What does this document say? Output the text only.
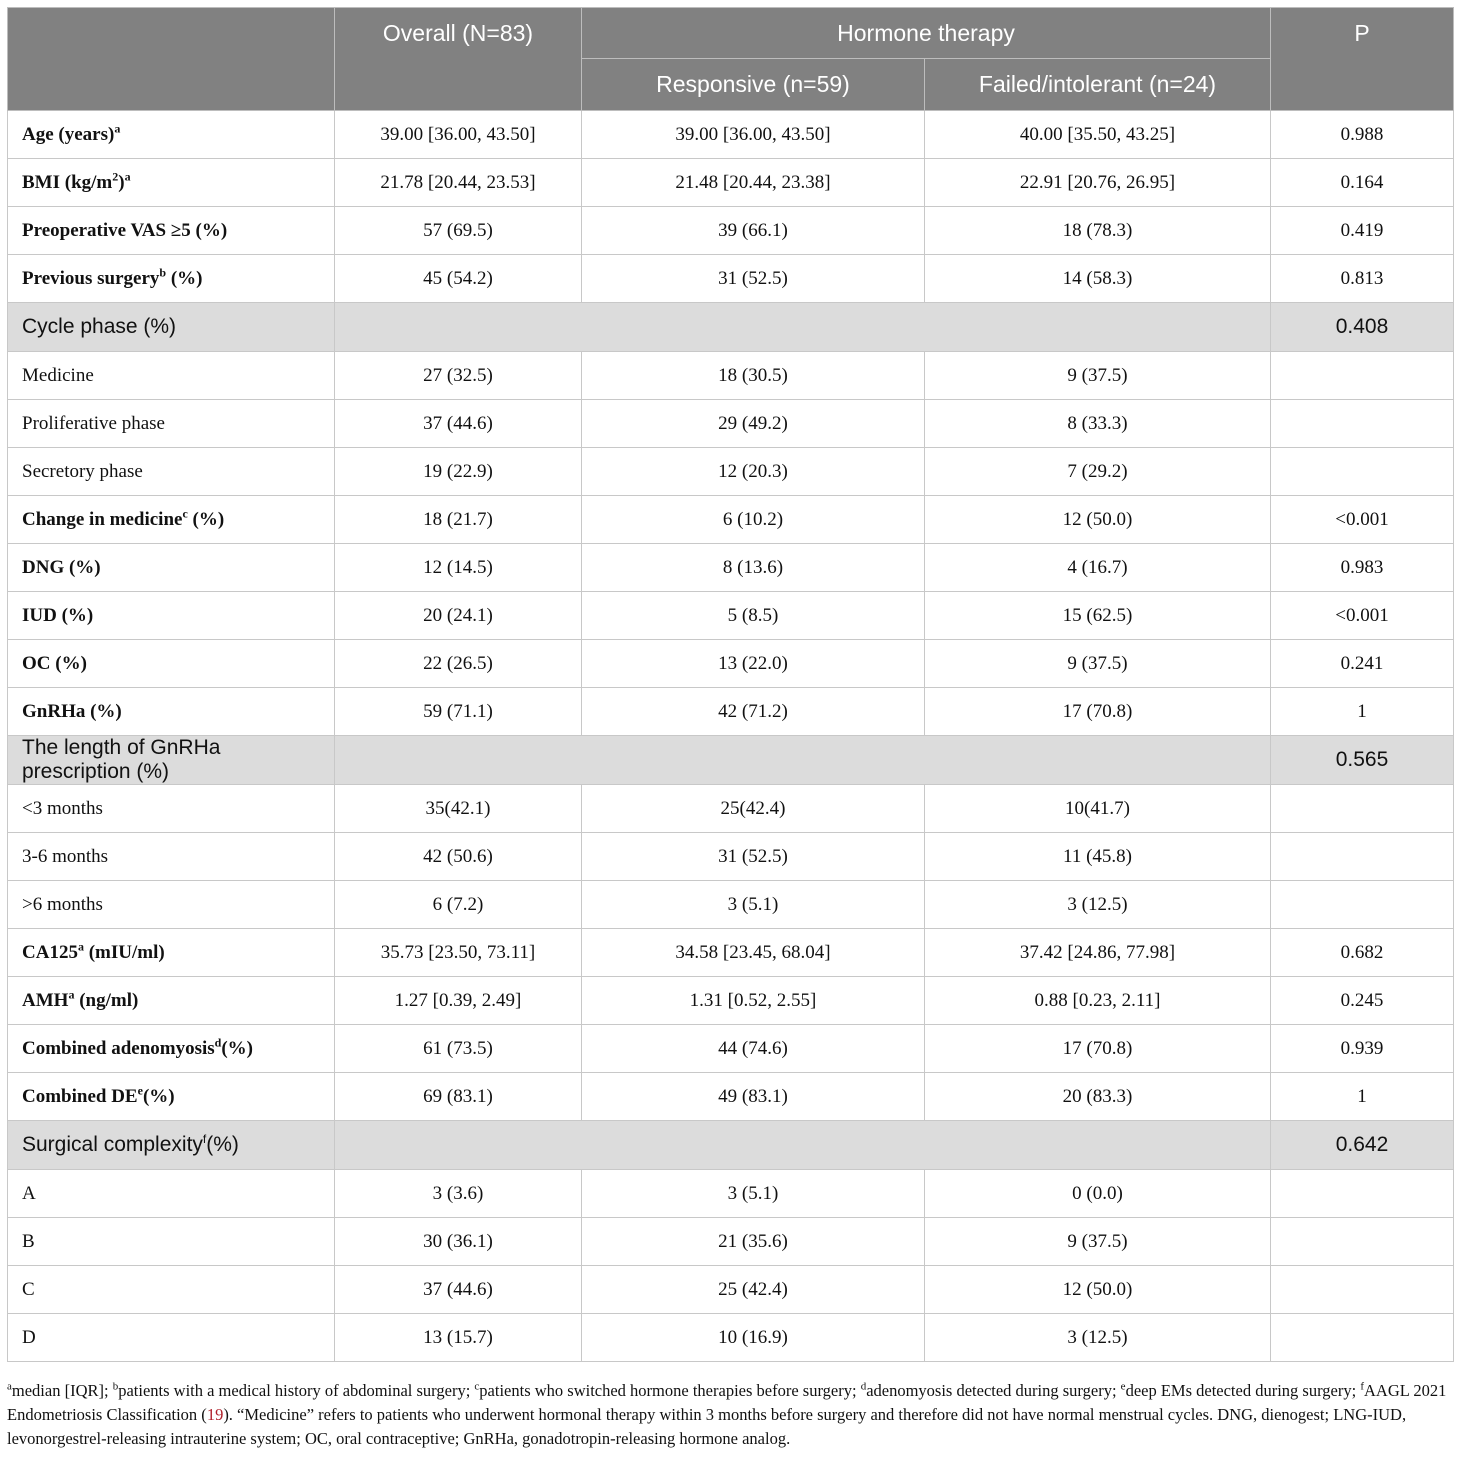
	Overall (N=83)	Hormone therapy		P
		Responsive (n=59)	Failed/intolerant (n=24)	
Age (years)$^a$	39.00 [36.00, 43.50]	39.00 [36.00, 43.50]	40.00 [35.50, 43.25]	0.988
BMI $(kg/m^2)^a$	21.78 [20.44, 23.53]	21.48 [20.44, 23.38]	22.91 [20.76, 26.95]	0.164
Preoperative VAS ≥5 (%)	57 (69.5)	39 (66.1)	18 (78.3)	0.419
Previous surgery$^b$ (%)	45 (54.2)	31 (52.5)	14 (58.3)	0.813
Cycle phase (%)				0.408
Medicine	27 (32.5)	18 (30.5)	9 (37.5)	
Proliferative phase	37 (44.6)	29 (49.2)	8 (33.3)	
Secretory phase	19 (22.9)	12 (20.3)	7 (29.2)	
Change in medicine$^c$ (%)	18 (21.7)	6 (10.2)	12 (50.0)	<0.001
DNG (%)	12 (14.5)	8 (13.6)	4 (16.7)	0.983
IUD (%)	20 (24.1)	5 (8.5)	15 (62.5)	<0.001
OC (%)	22 (26.5)	13 (22.0)	9 (37.5)	0.241
GnRHa (%)	59 (71.1)	42 (71.2)	17 (70.8)	1
The length of GnRHa prescription (%)				0.565
<3 months	35(42.1)	25(42.4)	10(41.7)	
3-6 months	42 (50.6)	31 (52.5)	11 (45.8)	
>6 months	6 (7.2)	3 (5.1)	3 (12.5)	
CA125$^a$ (mIU/ml)	35.73 [23.50, 73.11]	34.58 [23.45, 68.04]	37.42 [24.86, 77.98]	0.682
AMH$^a$ (ng/ml)	1.27 [0.39, 2.49]	1.31 [0.52, 2.55]	0.88 [0.23, 2.11]	0.245
Combined adenomyosis$^d$(%)	61 (73.5)	44 (74.6)	17 (70.8)	0.939
Combined $DE^e(\%)$	69 (83.1)	49 (83.1)	20 (83.3)	1
Surgical complexity$^f$(%)				0.642
A	3 (3.6)	3 (5.1)	0 (0.0)	
B	30 (36.1)	21 (35.6)	9 (37.5)	
C	37 (44.6)	25 (42.4)	12 (50.0)	
D	13 (15.7)	10 (16.9)	3 (12.5)	
$^a$median [IQR]; $^b$patients with a medical history of abdominal surgery; $^c$patients who switched hormone therapies before surgery; $^d$adenomyosis detected during surgery; $^e$deep EMs detected during surgery; $^f$AAGL 2021 Endometriosis Classification (19). “Medicine” refers to patients who underwent hormonal therapy within 3 months before surgery and therefore did not have normal menstrual cycles. DNG, dienogest; LNG-IUD, levonorgestrel-releasing intrauterine system; OC, oral contraceptive; GnRHa, gonadotropin-releasing hormone analog.
